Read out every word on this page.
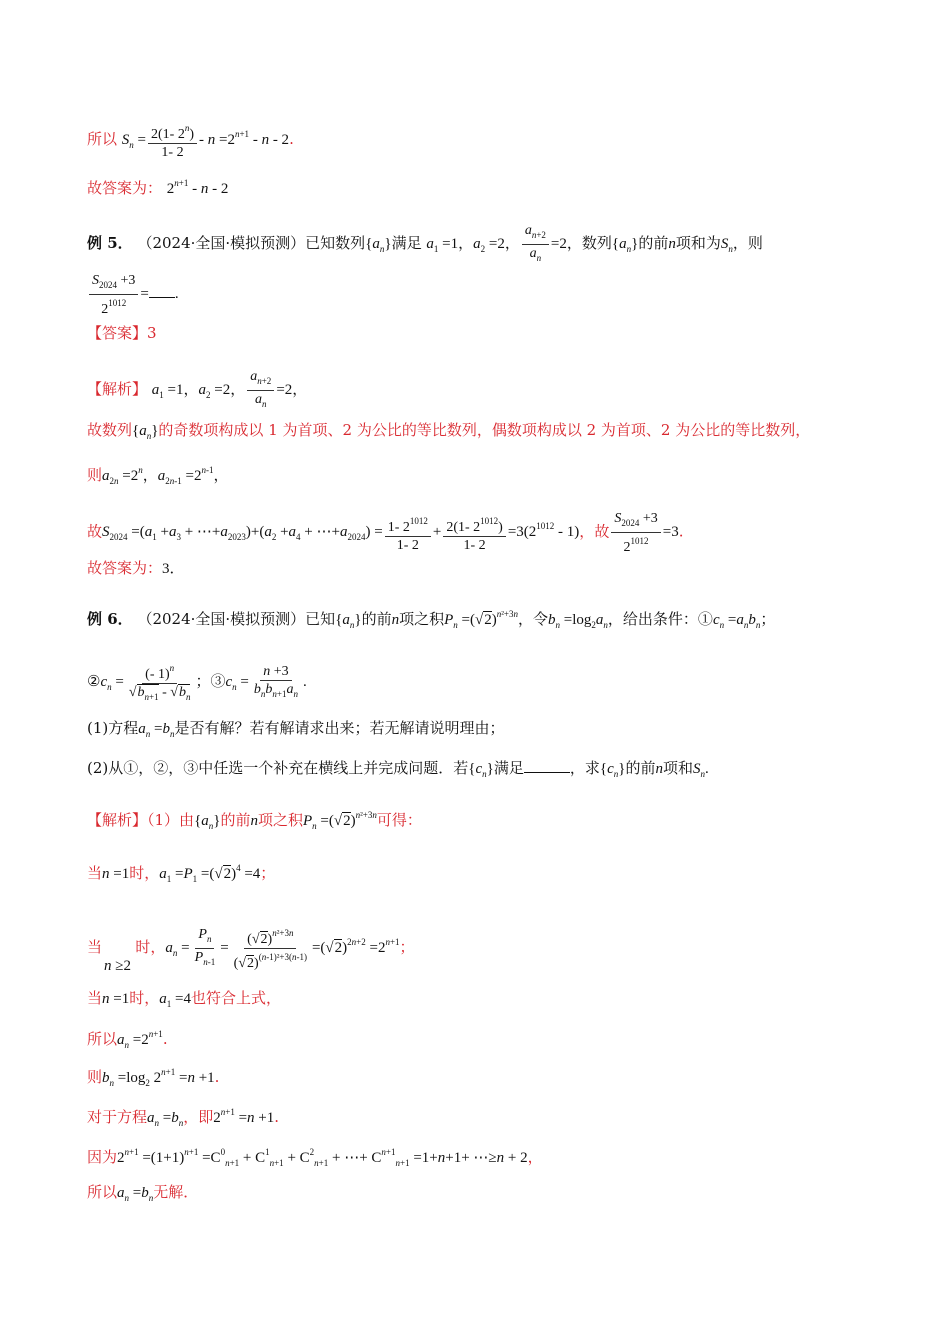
所以 $S_n = \frac{2(1- 2^n)}{1- 2} - n =2^{n+1} - n - 2$.
故答案为： $2^{n+1}$ - n - 2
例 5． （2024·全国·模拟预测）已知数列$\{a_n\}$满足 $a_1 =1$，$a_2 =2$， $\frac{a_{n+2}}{a_n} =2$，数列$\{a_n\}$的前n项和为$S_n$，则
$\frac{S_{2024} +3}{2^{1012}}$ = .
【答案】3
【解析】 $a_1 =1$，$a_2 =2$， $\frac{a_{n+2}}{a_n} =2$，
故数列$\{a_n\}$的奇数项构成以 1 为首项、2 为公比的等比数列，偶数项构成以 2 为首项、2 为公比的等比数列，
则$a_{2n} =2^n$，$a_{2n-1} =2^{n-1}$，
故$S_{2024} =(a_1 +a_3$ + $\cdots+a_{2023})+(a_2 +a_4$ + $\cdots+a_{2024}) = \frac{1- 2^{1012}}{1- 2} + \frac{2(1- 2^{1012})}{1- 2} =3(2^{1012} - 1)$，故 $\frac{S_{2024} +3}{2^{1012}} =3$.
故答案为：3．
例 6． （2024·全国·模拟预测）已知$\{a_n\}$的前n项之积$P_n =(√2)^{n^2+3n}$，令$b_n =\log_2a_n$，给出条件：$①c_n =a_nb_n$；
$②c_n = \frac{(- 1)^n}{√b_{n+1} - √b_n}$ ；$③c_n = \frac{n +3}{b_nb_{n+1}a_n}$ .
(1)方程$a_n =b_n$是否有解？若有解请求出来；若无解请说明理由；
(2)从①，②，③中任选一个补充在横线上并完成问题．若$\{c_n\}$满足	，求$\{c_n\}$的前n项和$S_n$.
【解析】（1）由$\{a_n\}$的前n项之积$P_n =(√2)^{n^2+3n}$可得：
当n =1时，$a_1 =P_1 =(√2)^4 =4$；
当 时，$a_n = \frac{P_n}{P_{n-1}} = \frac{(√2)^{n^2+3n}}{(√2)^{(n-1)^2+3(n-1)}} =(√2)^{2n+2} =2^{n+1}$；
n ≥2
当n =1时，$a_1 =4$也符合上式，
所以$a_n =2^{n+1}$.
则$b_n =\log_2$ $2^{n+1} =n +1$.
对于方程$a_n =b_n$，即$2^{n+1} =n +1$.
因为$2^{n+1} =(1+1)^{n+1} =C^0_{n+1} + C^1_{n+1} + C^2_{n+1}$ + ⋯+ $C^{n+1}_{n+1} =1+n+1+$ ⋯≥n + 2，
所以$a_n =b_n$无解．
